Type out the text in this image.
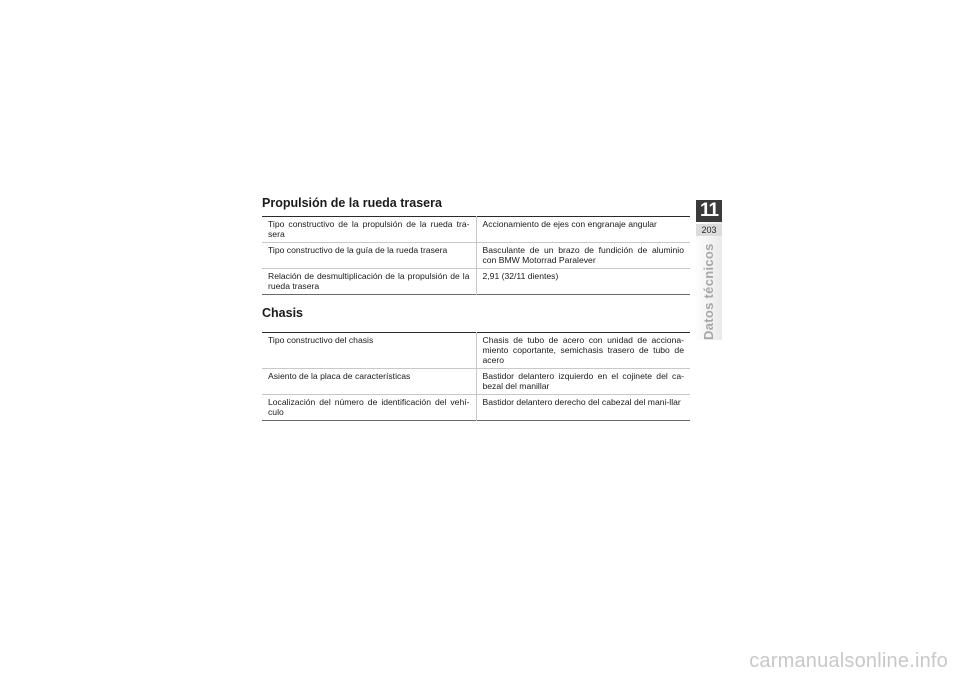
Propulsión de la rueda trasera
Tipo constructivo de la propulsión de la rueda tra-sera	Accionamiento de ejes con engranaje angular
Tipo constructivo de la guía de la rueda trasera	Basculante de un brazo de fundición de aluminio con BMW Motorrad Paralever
Relación de desmultiplicación de la propulsión de la rueda trasera	2,91 (32/11 dientes)
Chasis
Tipo constructivo del chasis	Chasis de tubo de acero con unidad de acciona-miento coportante, semichasis trasero de tubo de acero
Asiento de la placa de características	Bastidor delantero izquierdo en el cojinete del ca-bezal del manillar
Localización del número de identificación del vehí-culo	Bastidor delantero derecho del cabezal del mani-llar
11
203
Datos técnicos
carmanualsonline.info
